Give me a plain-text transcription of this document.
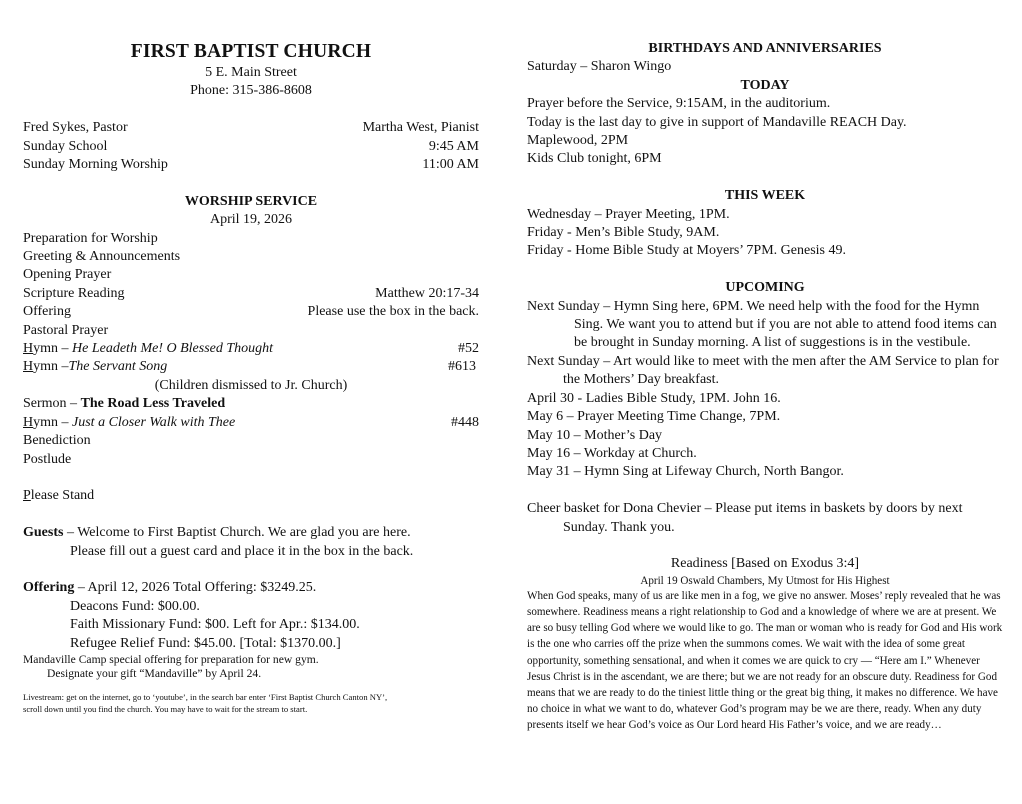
FIRST BAPTIST CHURCH
5 E. Main Street
Phone: 315-386-8608
Fred Sykes, Pastor	Martha West, Pianist
Sunday School	9:45 AM
Sunday Morning Worship	11:00 AM
WORSHIP SERVICE
April 19, 2026
Preparation for Worship
Greeting & Announcements
Opening Prayer
Scripture Reading	Matthew 20:17-34
Offering	Please use the box in the back.
Pastoral Prayer
Hymn – He Leadeth Me! O Blessed Thought	#52
Hymn –The Servant Song	#613
(Children dismissed to Jr. Church)
Sermon – The Road Less Traveled
Hymn – Just a Closer Walk with Thee	#448
Benediction
Postlude
Please Stand
Guests – Welcome to First Baptist Church. We are glad you are here.
Please fill out a guest card and place it in the box in the back.
Offering – April 12, 2026 Total Offering: $3249.25.
Deacons Fund: $00.00.
Faith Missionary Fund: $00. Left for Apr.: $134.00.
Refugee Relief Fund: $45.00. [Total: $1370.00.]
Mandaville Camp special offering for preparation for new gym.
Designate your gift “Mandaville” by April 24.
Livestream: get on the internet, go to ‘youtube’, in the search bar enter ‘First Baptist Church Canton NY’,
scroll down until you find the church. You may have to wait for the stream to start.
BIRTHDAYS AND ANNIVERSARIES
Saturday – Sharon Wingo
TODAY
Prayer before the Service, 9:15AM, in the auditorium.
Today is the last day to give in support of Mandaville REACH Day.
Maplewood, 2PM
Kids Club tonight, 6PM
THIS WEEK
Wednesday – Prayer Meeting, 1PM.
Friday - Men’s Bible Study, 9AM.
Friday - Home Bible Study at Moyers’ 7PM. Genesis 49.
UPCOMING
Next Sunday – Hymn Sing here, 6PM. We need help with the food for the Hymn Sing. We want you to attend but if you are not able to attend food items can be brought in Sunday morning. A list of suggestions is in the vestibule.
Next Sunday – Art would like to meet with the men after the AM Service to plan for the Mothers’ Day breakfast.
April 30 - Ladies Bible Study, 1PM. John 16.
May 6 – Prayer Meeting Time Change, 7PM.
May 10 – Mother’s Day
May 16 – Workday at Church.
May 31 – Hymn Sing at Lifeway Church, North Bangor.
Cheer basket for Dona Chevier – Please put items in baskets by doors by next Sunday. Thank you.
Readiness [Based on Exodus 3:4]
April 19 Oswald Chambers, My Utmost for His Highest
When God speaks, many of us are like men in a fog, we give no answer. Moses’ reply revealed that he was somewhere. Readiness means a right relationship to God and a knowledge of where we are at present. We are so busy telling God where we would like to go. The man or woman who is ready for God and His work is the one who carries off the prize when the summons comes. We wait with the idea of some great opportunity, something sensational, and when it comes we are quick to cry — “Here am I.” Whenever Jesus Christ is in the ascendant, we are there; but we are not ready for an obscure duty. Readiness for God means that we are ready to do the tiniest little thing or the great big thing, it makes no difference. We have no choice in what we want to do, whatever God’s program may be we are there, ready. When any duty presents itself we hear God’s voice as Our Lord heard His Father’s voice, and we are ready…
